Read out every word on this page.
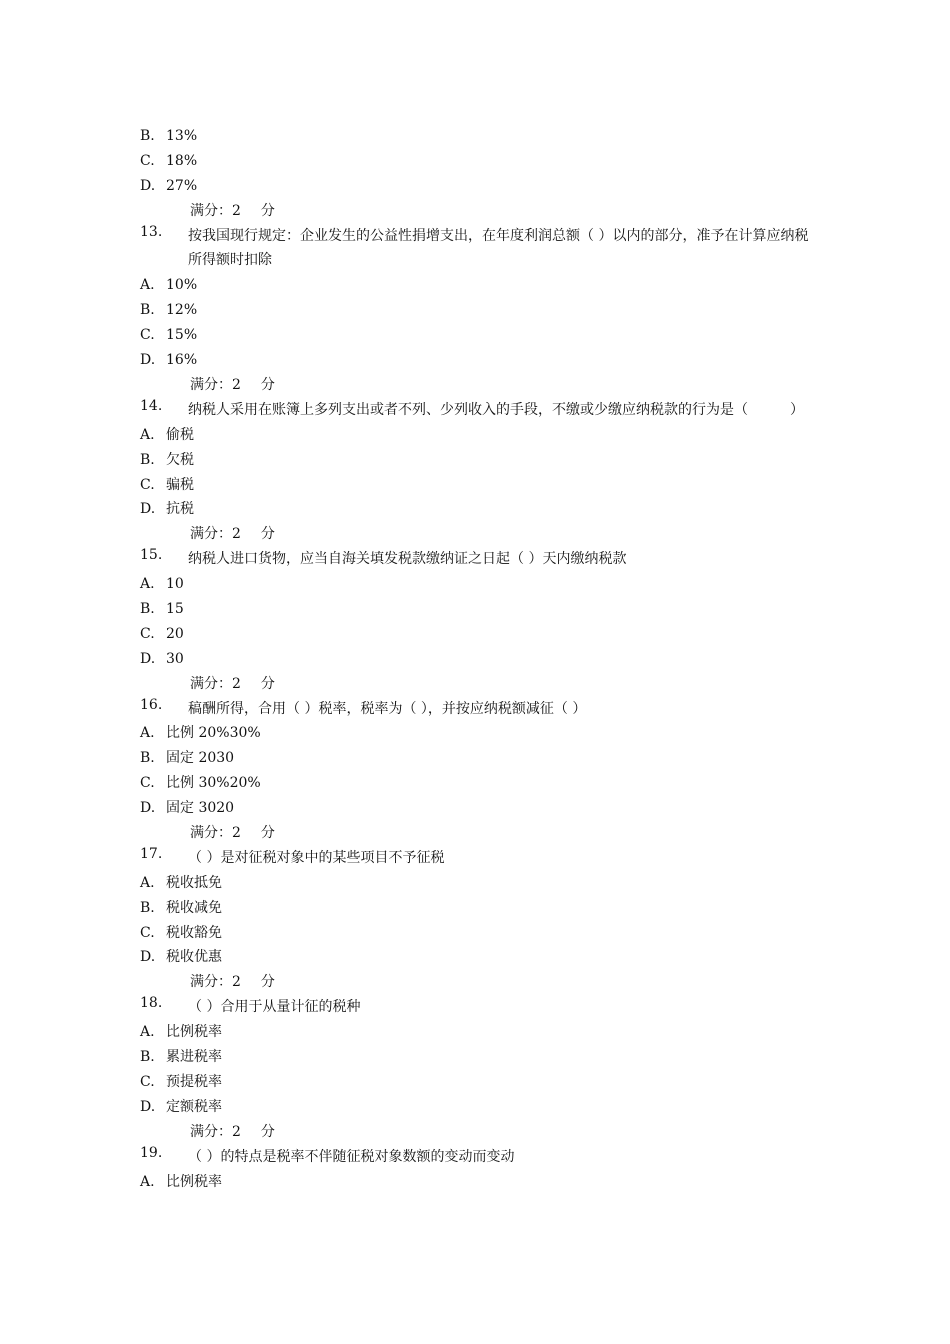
B. 13%
C. 18%
D. 27%
满分：2 分
13.	按我国现行规定：企业发生的公益性捐增支出，在年度利润总额（ ）以内的部分，准予在计算应纳税所得额时扣除
A. 10%
B. 12%
C. 15%
D. 16%
满分：2 分
14.	纳税人采用在账簿上多列支出或者不列、少列收入的手段，不缴或少缴应纳税款的行为是（　　　）
A. 偷税
B. 欠税
C. 骗税
D. 抗税
满分：2 分
15.	纳税人进口货物，应当自海关填发税款缴纳证之日起（ ）天内缴纳税款
A. 10
B. 15
C. 20
D. 30
满分：2 分
16.	稿酬所得，合用（ ）税率，税率为（ ），并按应纳税额减征（ ）
A. 比例 20%30%
B. 固定 2030
C. 比例 30%20%
D. 固定 3020
满分：2 分
17.	（ ）是对征税对象中的某些项目不予征税
A. 税收抵免
B. 税收减免
C. 税收豁免
D. 税收优惠
满分：2 分
18.	（ ）合用于从量计征的税种
A. 比例税率
B. 累进税率
C. 预提税率
D. 定额税率
满分：2 分
19.	（ ）的特点是税率不伴随征税对象数额的变动而变动
A. 比例税率
